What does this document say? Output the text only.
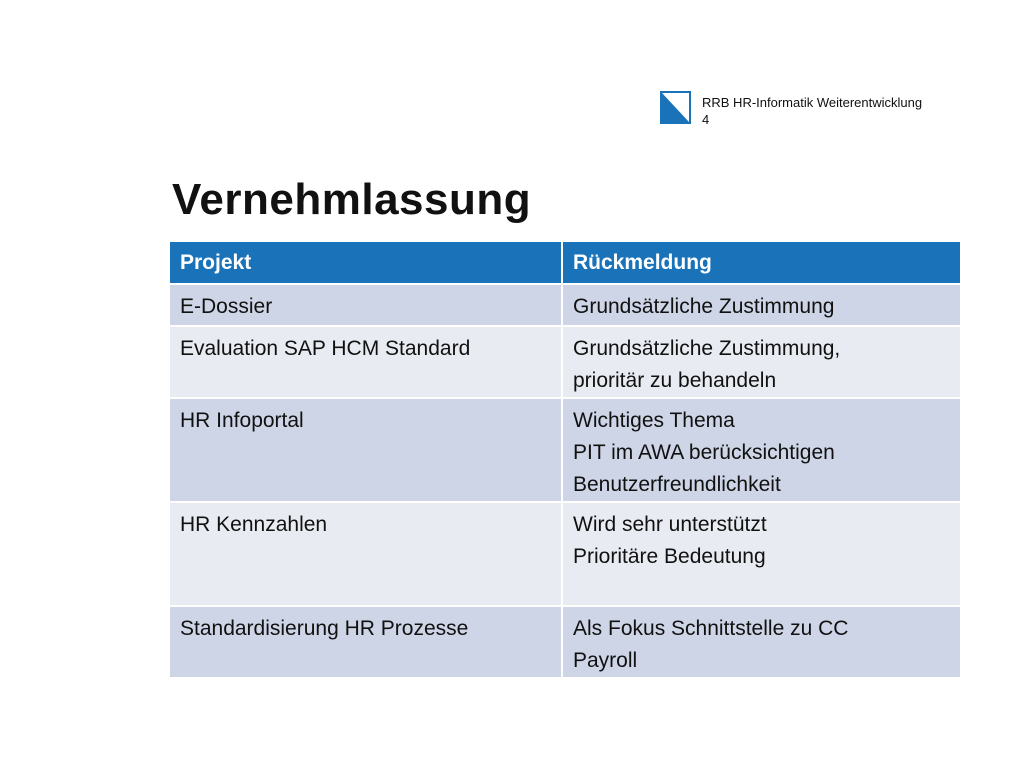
RRB HR-Informatik Weiterentwicklung
4
Vernehmlassung
Projekt	Rückmeldung

E-Dossier	Grundsätzliche Zustimmung

Evaluation SAP HCM Standard	Grundsätzliche Zustimmung,
prioritär zu behandeln

HR Infoportal	Wichtiges Thema
PIT im AWA berücksichtigen
Benutzerfreundlichkeit

HR Kennzahlen	Wird sehr unterstützt
Prioritäre Bedeutung

Standardisierung HR Prozesse	Als Fokus Schnittstelle zu CC
Payroll
